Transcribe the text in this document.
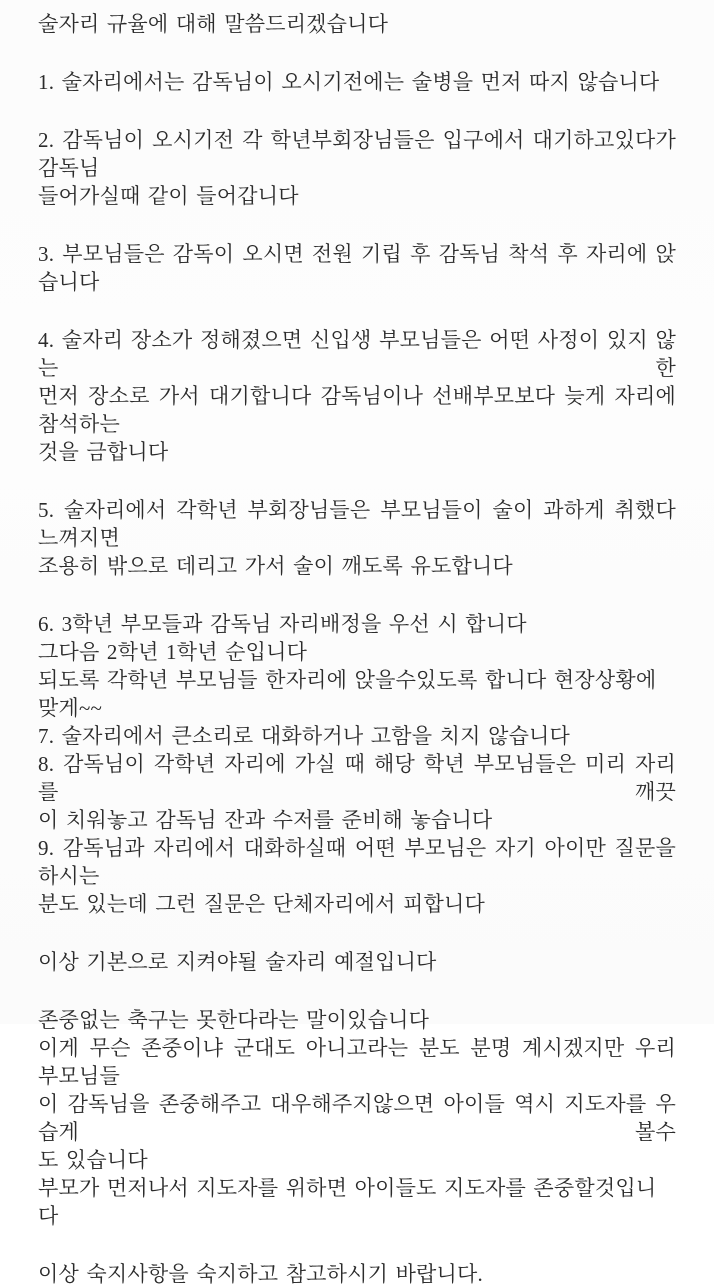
술자리 규율에 대해 말씀드리겠습니다
1. 술자리에서는 감독님이 오시기전에는 술병을 먼저 따지 않습니다
2. 감독님이 오시기전 각 학년부회장님들은 입구에서 대기하고있다가 감독님
들어가실때 같이 들어갑니다
3. 부모님들은 감독이 오시면 전원 기립 후 감독님 착석 후 자리에 앉습니다
4. 술자리 장소가 정해졌으면 신입생 부모님들은 어떤 사정이 있지 않는 한
먼저 장소로 가서 대기합니다 감독님이나 선배부모보다 늦게 자리에 참석하는
것을 금합니다
5. 술자리에서 각학년 부회장님들은 부모님들이 술이 과하게 취했다 느껴지면
조용히 밖으로 데리고 가서 술이 깨도록 유도합니다
6. 3학년 부모들과 감독님 자리배정을 우선 시 합니다
그다음 2학년 1학년 순입니다
되도록 각학년 부모님들 한자리에 앉을수있도록 합니다 현장상황에 맞게~~
7. 술자리에서 큰소리로 대화하거나 고함을 치지 않습니다
8. 감독님이 각학년 자리에 가실 때 해당 학년 부모님들은 미리 자리를 깨끗
이 치워놓고 감독님 잔과 수저를 준비해 놓습니다
9. 감독님과 자리에서 대화하실때 어떤 부모님은 자기 아이만 질문을 하시는
분도 있는데 그런 질문은 단체자리에서 피합니다
이상 기본으로 지켜야될 술자리 예절입니다
존중없는 축구는 못한다라는 말이있습니다
이게 무슨 존중이냐 군대도 아니고라는 분도 분명 계시겠지만 우리 부모님들
이 감독님을 존중해주고 대우해주지않으면 아이들 역시 지도자를 우습게 볼수
도 있습니다
부모가 먼저나서 지도자를 위하면 아이들도 지도자를 존중할것입니다
이상 숙지사항을 숙지하고 참고하시기 바랍니다.
